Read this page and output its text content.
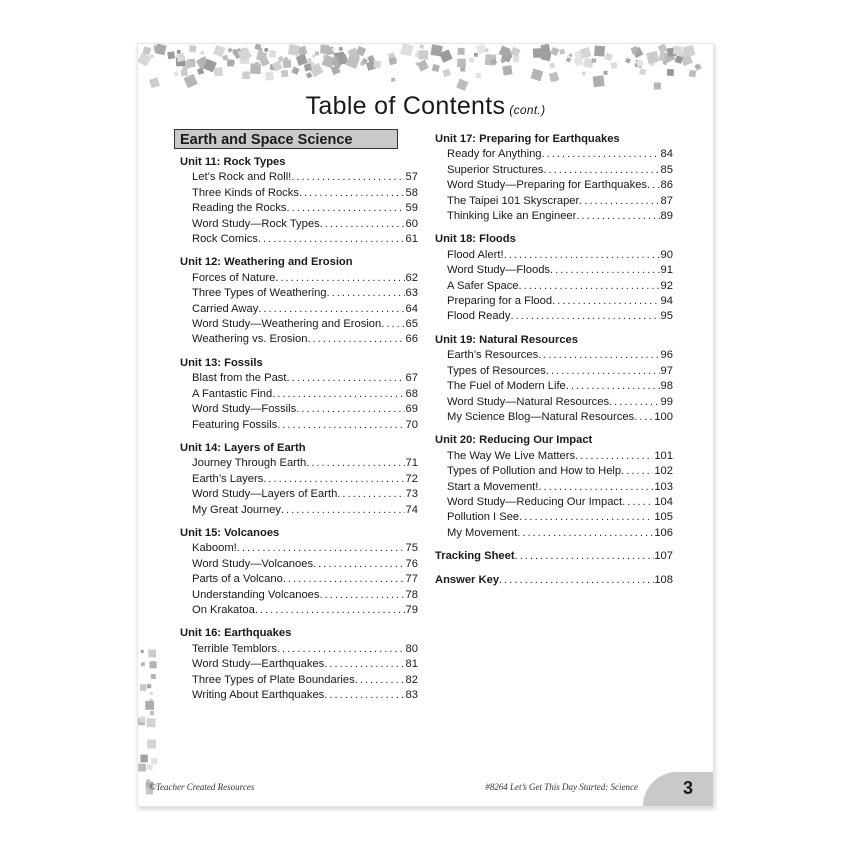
Table of Contents (cont.)
Earth and Space Science
Unit 11: Rock Types
Let’s Rock and Roll! .....	57
Three Kinds of Rocks .....	58
Reading the Rocks .....	59
Word Study—Rock Types .....	60
Rock Comics .....	61
Unit 12: Weathering and Erosion
Forces of Nature .....	62
Three Types of Weathering .....	63
Carried Away .....	64
Word Study—Weathering and Erosion ..... 65
Weathering vs. Erosion .....	66
Unit 13: Fossils
Blast from the Past .....	67
A Fantastic Find .....	68
Word Study—Fossils .....	69
Featuring Fossils .....	70
Unit 14: Layers of Earth
Journey Through Earth .....	71
Earth’s Layers .....	72
Word Study—Layers of Earth .....	73
My Great Journey .....	74
Unit 15: Volcanoes
Kaboom! .....	75
Word Study—Volcanoes .....	76
Parts of a Volcano .....	77
Understanding Volcanoes .....	78
On Krakatoa .....	79
Unit 16: Earthquakes
Terrible Temblors .....	80
Word Study—Earthquakes .....	81
Three Types of Plate Boundaries .....	82
Writing About Earthquakes .....	83
Unit 17: Preparing for Earthquakes
Ready for Anything .....	84
Superior Structures .....	85
Word Study—Preparing for Earthquakes ..... 86
The Taipei 101 Skyscraper .....	87
Thinking Like an Engineer .....	89
Unit 18: Floods
Flood Alert! .....	90
Word Study—Floods .....	91
A Safer Space .....	92
Preparing for a Flood .....	94
Flood Ready .....	95
Unit 19: Natural Resources
Earth’s Resources .....	96
Types of Resources .....	97
The Fuel of Modern Life .....	98
Word Study—Natural Resources .....	99
My Science Blog—Natural Resources ..... 100
Unit 20: Reducing Our Impact
The Way We Live Matters .....	101
Types of Pollution and How to Help .....	102
Start a Movement! .....	103
Word Study—Reducing Our Impact .....	104
Pollution I See .....	105
My Movement .....	106
Tracking Sheet .....	107
Answer Key .....	108
©Teacher Created Resources	#8264 Let’s Get This Day Started: Science 3
